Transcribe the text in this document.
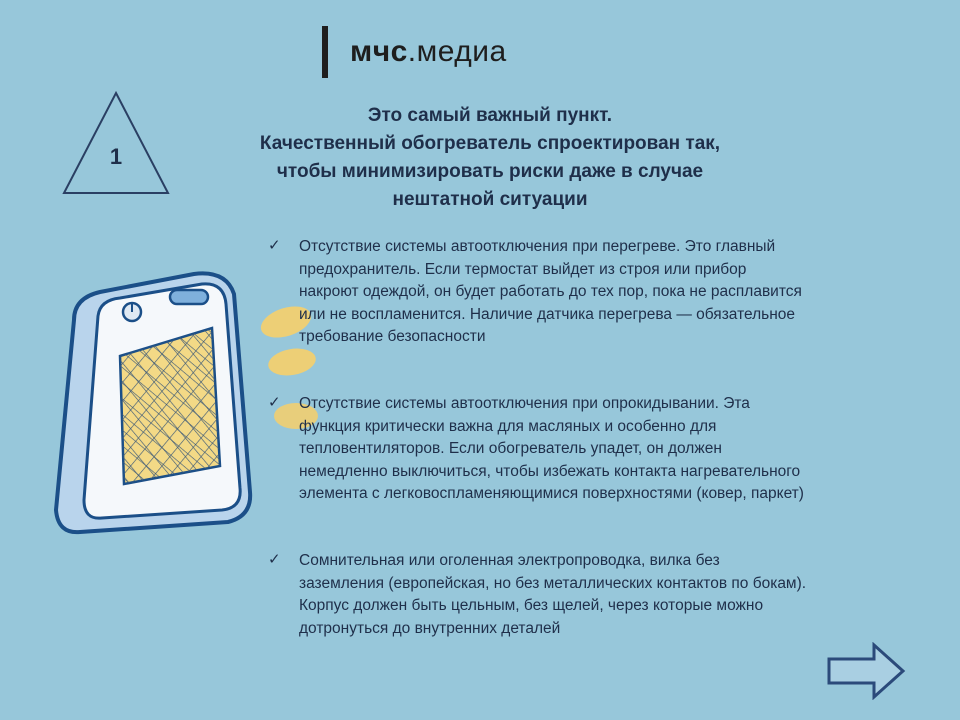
мчс.медиа
1
Это самый важный пункт.
Качественный обогреватель спроектирован так,
чтобы минимизировать риски даже в случае
нештатной ситуации
✓ Отсутствие системы автоотключения при перегреве. Это главный
предохранитель. Если термостат выйдет из строя или прибор
накроют одеждой, он будет работать до тех пор, пока не расплавится
или не воспламенится. Наличие датчика перегрева — обязательное
требование безопасности
✓ Отсутствие системы автоотключения при опрокидывании. Эта
функция критически важна для масляных и особенно для
тепловентиляторов. Если обогреватель упадет, он должен
немедленно выключиться, чтобы избежать контакта нагревательного
элемента с легковоспламеняющимися поверхностями (ковер, паркет)
✓ Сомнительная или оголенная электропроводка, вилка без
заземления (европейская, но без металлических контактов по бокам).
Корпус должен быть цельным, без щелей, через которые можно
дотронуться до внутренних деталей
